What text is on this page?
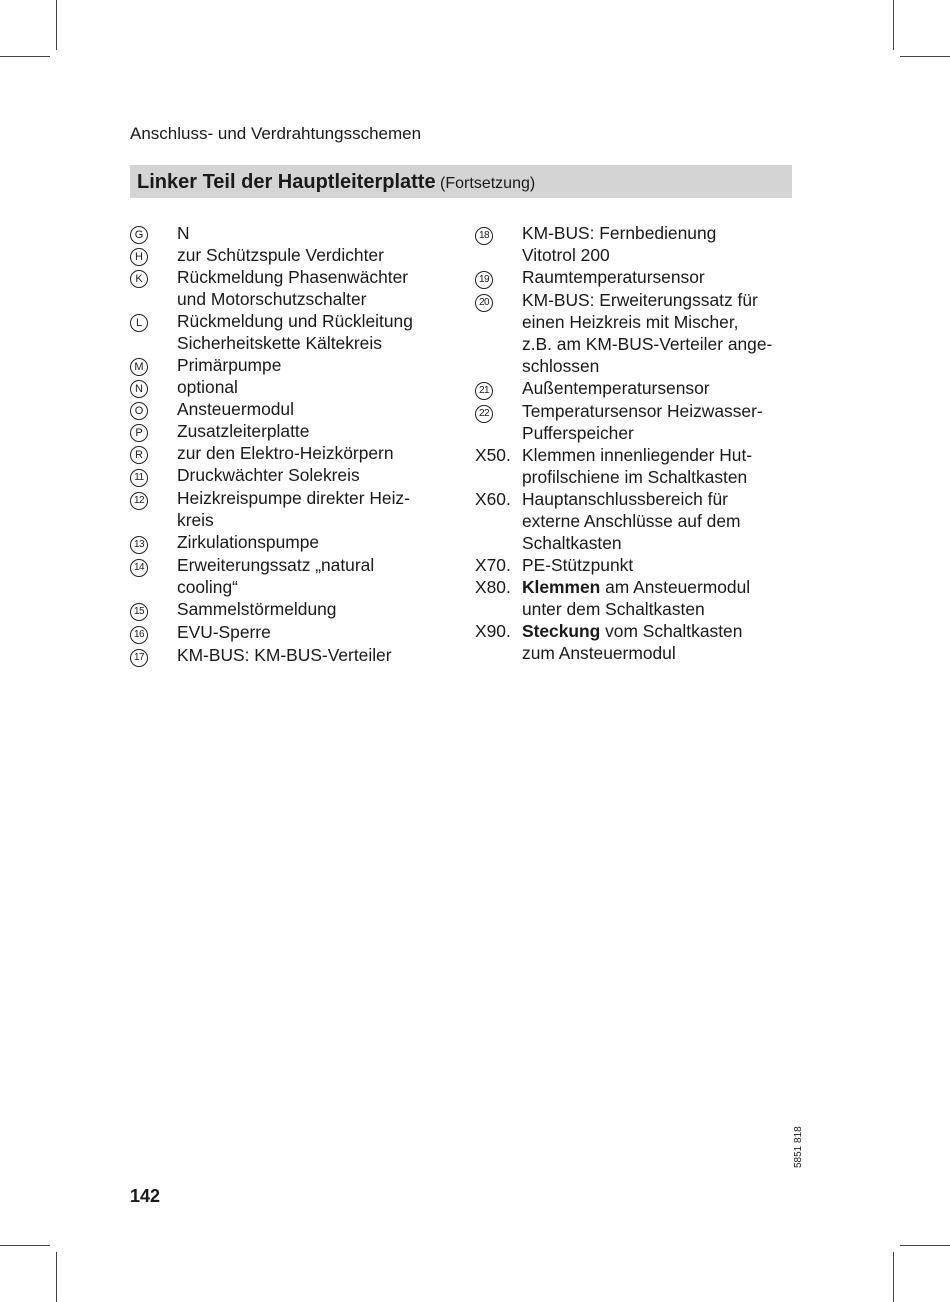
Anschluss- und Verdrahtungsschemen
Linker Teil der Hauptleiterplatte (Fortsetzung)
G	N
H	zur Schützspule Verdichter
K	Rückmeldung Phasenwächter
und Motorschutzschalter
L	Rückmeldung und Rückleitung
Sicherheitskette Kältekreis
M	Primärpumpe
N	optional
O	Ansteuermodul
P	Zusatzleiterplatte
R	zur den Elektro-Heizkörpern
11	Druckwächter Solekreis
12	Heizkreispumpe direkter Heiz-
kreis
13	Zirkulationspumpe
14	Erweiterungssatz „natural
cooling“
15	Sammelstörmeldung
16	EVU-Sperre
17	KM-BUS: KM-BUS-Verteiler
18	KM-BUS: Fernbedienung
Vitotrol 200
19	Raumtemperatursensor
20	KM-BUS: Erweiterungssatz für
einen Heizkreis mit Mischer,
z.B. am KM-BUS-Verteiler ange-
schlossen
21	Außentemperatursensor
22	Temperatursensor Heizwasser-
Pufferspeicher
X50. Klemmen innenliegender Hut-
profilschiene im Schaltkasten
X60. Hauptanschlussbereich für
externe Anschlüsse auf dem
Schaltkasten
X70. PE-Stützpunkt
X80. Klemmen am Ansteuermodul
unter dem Schaltkasten
X90. Steckung vom Schaltkasten
zum Ansteuermodul
5851 818
142
